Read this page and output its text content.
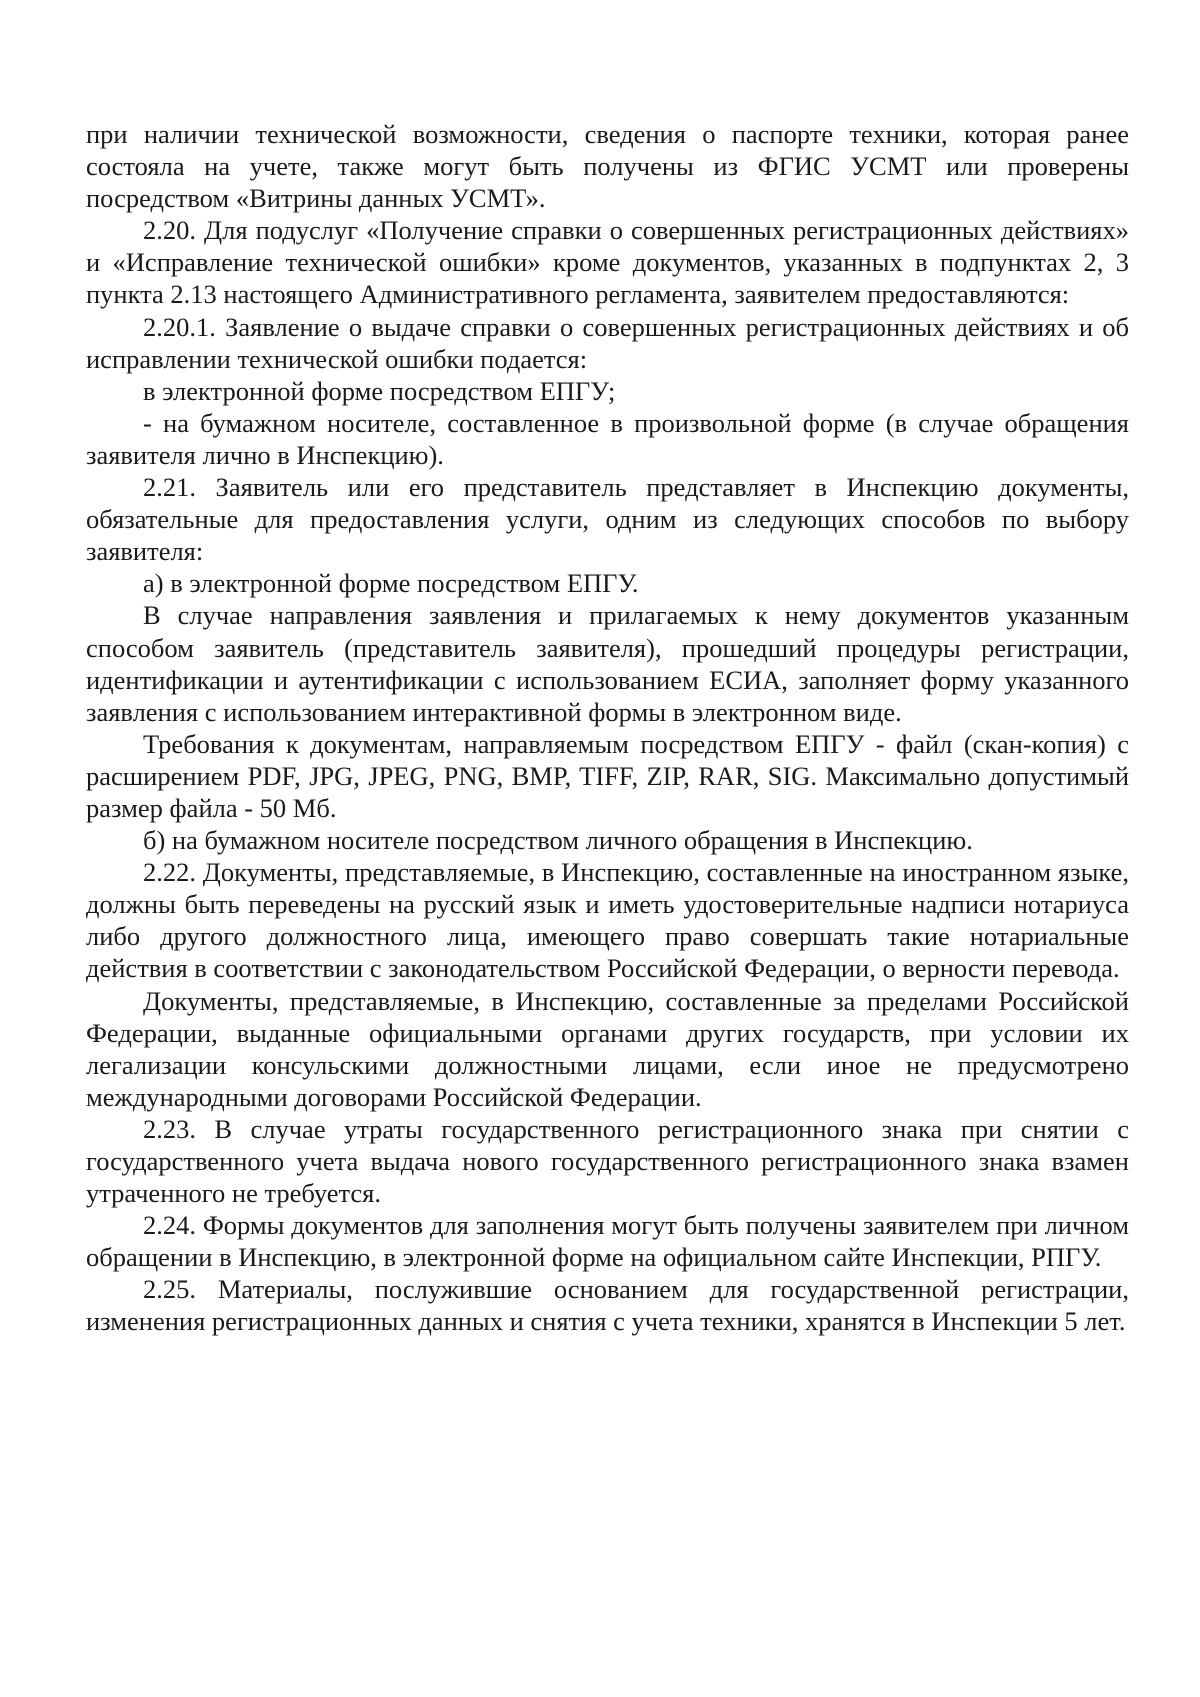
при наличии технической возможности, сведения о паспорте техники, которая ранее состояла на учете, также могут быть получены из ФГИС УСМТ или проверены посредством «Витрины данных УСМТ».

2.20. Для подуслуг «Получение справки о совершенных регистрационных действиях» и «Исправление технической ошибки» кроме документов, указанных в подпунктах 2, 3 пункта 2.13 настоящего Административного регламента, заявителем предоставляются:

2.20.1. Заявление о выдаче справки о совершенных регистрационных действиях и об исправлении технической ошибки подается:

в электронной форме посредством ЕПГУ;

- на бумажном носителе, составленное в произвольной форме (в случае обращения заявителя лично в Инспекцию).

2.21. Заявитель или его представитель представляет в Инспекцию документы, обязательные для предоставления услуги, одним из следующих способов по выбору заявителя:

а) в электронной форме посредством ЕПГУ.

В случае направления заявления и прилагаемых к нему документов указанным способом заявитель (представитель заявителя), прошедший процедуры регистрации, идентификации и аутентификации с использованием ЕСИА, заполняет форму указанного заявления с использованием интерактивной формы в электронном виде.

Требования к документам, направляемым посредством ЕПГУ - файл (скан-копия) с расширением PDF, JPG, JPEG, PNG, BMP, TIFF, ZIP, RAR, SIG. Максимально допустимый размер файла - 50 Мб.

б) на бумажном носителе посредством личного обращения в Инспекцию.

2.22. Документы, представляемые, в Инспекцию, составленные на иностранном языке, должны быть переведены на русский язык и иметь удостоверительные надписи нотариуса либо другого должностного лица, имеющего право совершать такие нотариальные действия в соответствии с законодательством Российской Федерации, о верности перевода.

Документы, представляемые, в Инспекцию, составленные за пределами Российской Федерации, выданные официальными органами других государств, при условии их легализации консульскими должностными лицами, если иное не предусмотрено международными договорами Российской Федерации.

2.23. В случае утраты государственного регистрационного знака при снятии с государственного учета выдача нового государственного регистрационного знака взамен утраченного не требуется.

2.24. Формы документов для заполнения могут быть получены заявителем при личном обращении в Инспекцию, в электронной форме на официальном сайте Инспекции, РПГУ.

2.25. Материалы, послужившие основанием для государственной регистрации, изменения регистрационных данных и снятия с учета техники, хранятся в Инспекции 5 лет.
